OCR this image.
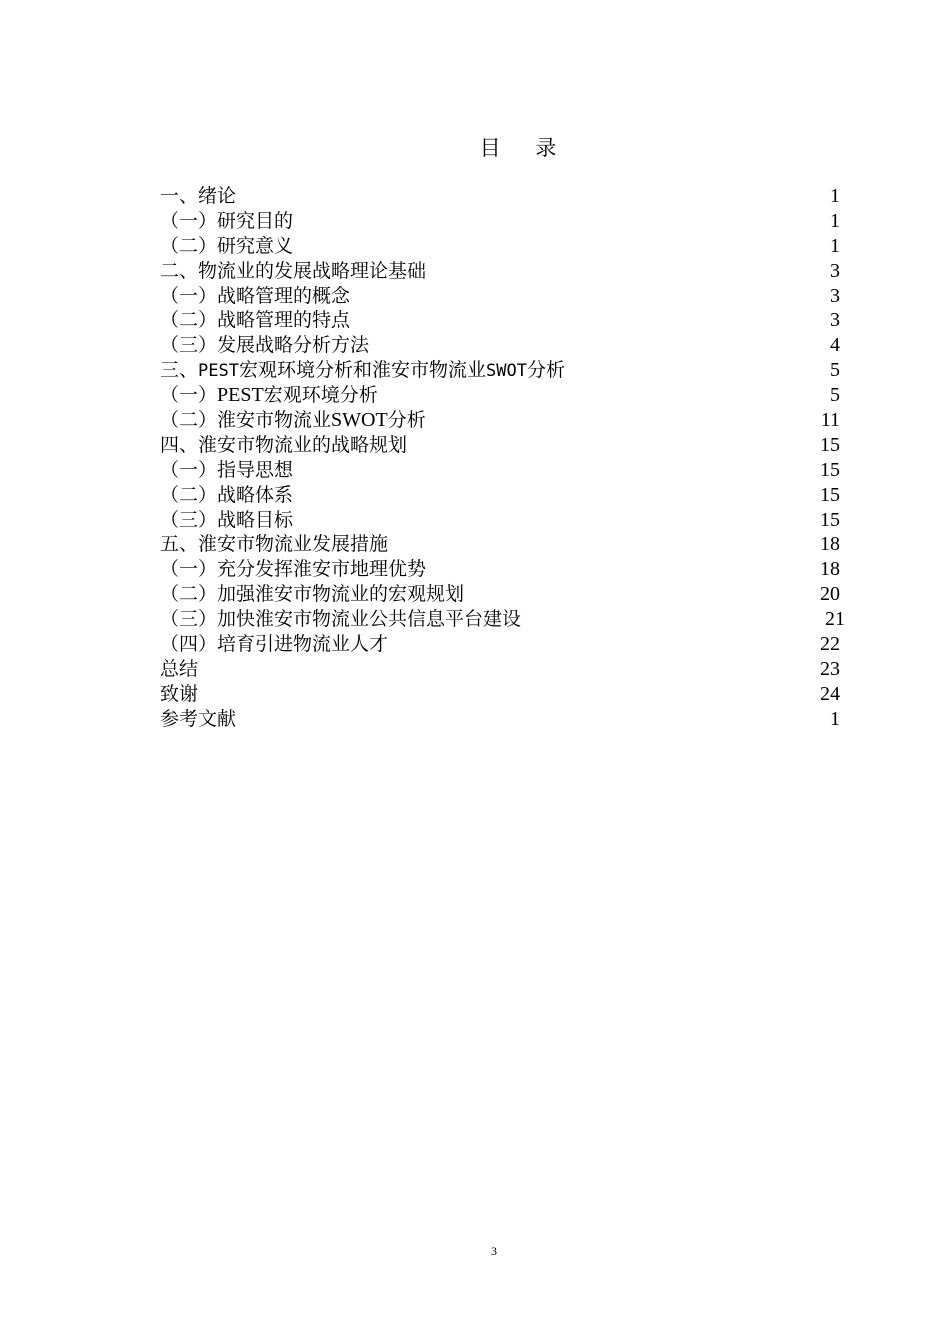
目 录
一、绪论	1
（一）研究目的	1
（二）研究意义	1
二、物流业的发展战略理论基础	3
（一）战略管理的概念	3
（二）战略管理的特点	3
（三）发展战略分析方法	4
三、PEST宏观环境分析和淮安市物流业SWOT分析	5
（一）PEST宏观环境分析	5
（二）淮安市物流业SWOT分析	11
四、淮安市物流业的战略规划	15
（一）指导思想	15
（二）战略体系	15
（三）战略目标	15
五、淮安市物流业发展措施	18
（一）充分发挥淮安市地理优势	18
（二）加强淮安市物流业的宏观规划	20
（三）加快淮安市物流业公共信息平台建设	21
（四）培育引进物流业人才	22
总结	23
致谢	24
参考文献	1
3
